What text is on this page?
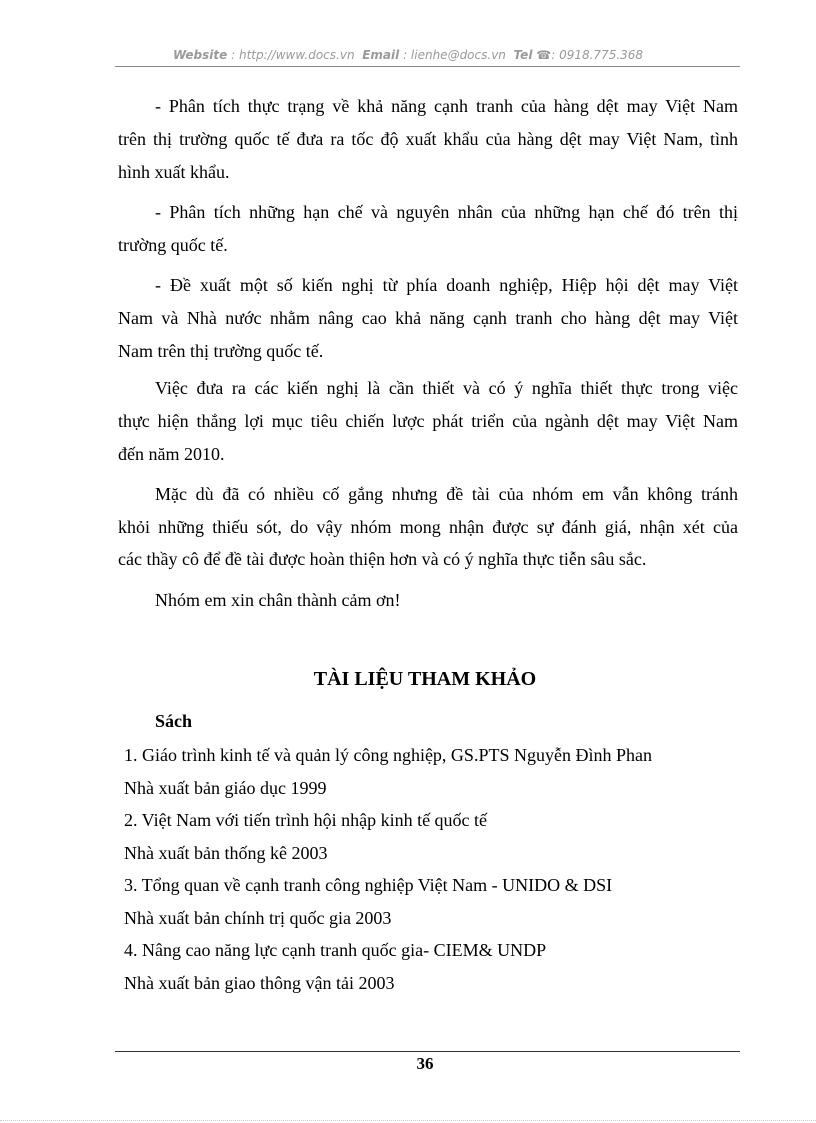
Website : http://www.docs.vn Email : lienhe@docs.vn Tel ☎: 0918.775.368
- Phân tích thực trạng về khả năng cạnh tranh của hàng dệt may Việt Nam
trên thị trường quốc tế đưa ra tốc độ xuất khẩu của hàng dệt may Việt Nam, tình
hình xuất khẩu.
- Phân tích những hạn chế và nguyên nhân của những hạn chế đó trên thị
trường quốc tế.
- Đề xuất một số kiến nghị từ phía doanh nghiệp, Hiệp hội dệt may Việt
Nam và Nhà nước nhằm nâng cao khả năng cạnh tranh cho hàng dệt may Việt
Nam trên thị trường quốc tế.
Việc đưa ra các kiến nghị là cần thiết và có ý nghĩa thiết thực trong việc
thực hiện thắng lợi mục tiêu chiến lược phát triển của ngành dệt may Việt Nam
đến năm 2010.
Mặc dù đã có nhiều cố gắng nhưng đề tài của nhóm em vẫn không tránh
khỏi những thiếu sót, do vậy nhóm mong nhận được sự đánh giá, nhận xét của
các thầy cô để đề tài được hoàn thiện hơn và có ý nghĩa thực tiễn sâu sắc.
Nhóm em xin chân thành cảm ơn!
TÀI LIỆU THAM KHẢO
Sách
1. Giáo trình kinh tế và quản lý công nghiệp, GS.PTS Nguyễn Đình Phan
Nhà xuất bản giáo dục 1999
2. Việt Nam với tiến trình hội nhập kinh tế quốc tế
Nhà xuất bản thống kê 2003
3. Tổng quan về cạnh tranh công nghiệp Việt Nam - UNIDO & DSI
Nhà xuất bản chính trị quốc gia 2003
4. Nâng cao năng lực cạnh tranh quốc gia- CIEM& UNDP
Nhà xuất bản giao thông vận tải 2003
36
